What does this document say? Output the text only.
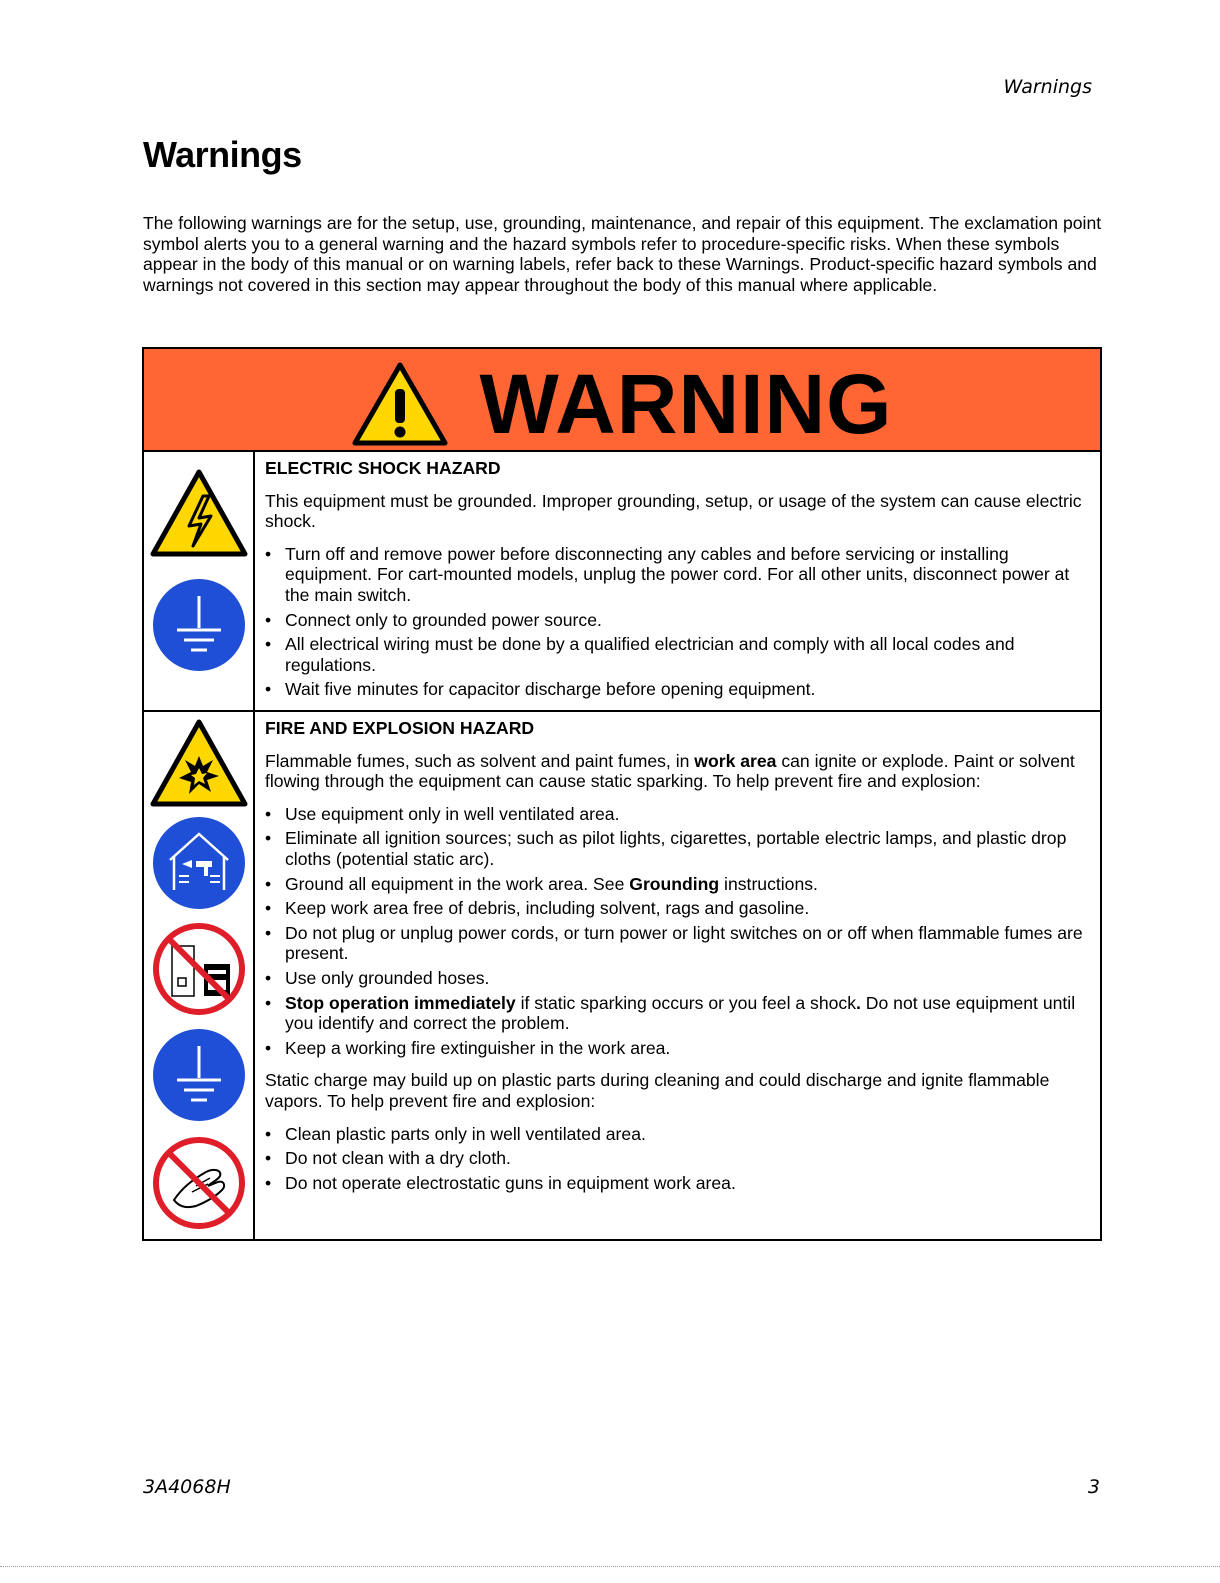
Warnings
Warnings

The following warnings are for the setup, use, grounding, maintenance, and repair of this equipment. The exclamation point symbol alerts you to a general warning and the hazard symbols refer to procedure-specific risks. When these symbols appear in the body of this manual or on warning labels, refer back to these Warnings. Product-specific hazard symbols and warnings not covered in this section may appear throughout the body of this manual where applicable.

WARNING

ELECTRIC SHOCK HAZARD

This equipment must be grounded. Improper grounding, setup, or usage of the system can cause electric shock.

• Turn off and remove power before disconnecting any cables and before servicing or installing equipment. For cart-mounted models, unplug the power cord. For all other units, disconnect power at the main switch.
• Connect only to grounded power source.
• All electrical wiring must be done by a qualified electrician and comply with all local codes and regulations.
• Wait five minutes for capacitor discharge before opening equipment.

FIRE AND EXPLOSION HAZARD

Flammable fumes, such as solvent and paint fumes, in work area can ignite or explode. Paint or solvent flowing through the equipment can cause static sparking. To help prevent fire and explosion:

• Use equipment only in well ventilated area.
• Eliminate all ignition sources; such as pilot lights, cigarettes, portable electric lamps, and plastic drop cloths (potential static arc).
• Ground all equipment in the work area. See Grounding instructions.
• Keep work area free of debris, including solvent, rags and gasoline.
• Do not plug or unplug power cords, or turn power or light switches on or off when flammable fumes are present.
• Use only grounded hoses.
• Stop operation immediately if static sparking occurs or you feel a shock. Do not use equipment until you identify and correct the problem.
• Keep a working fire extinguisher in the work area.

Static charge may build up on plastic parts during cleaning and could discharge and ignite flammable vapors. To help prevent fire and explosion:

• Clean plastic parts only in well ventilated area.
• Do not clean with a dry cloth.
• Do not operate electrostatic guns in equipment work area.
3A4068H	3
